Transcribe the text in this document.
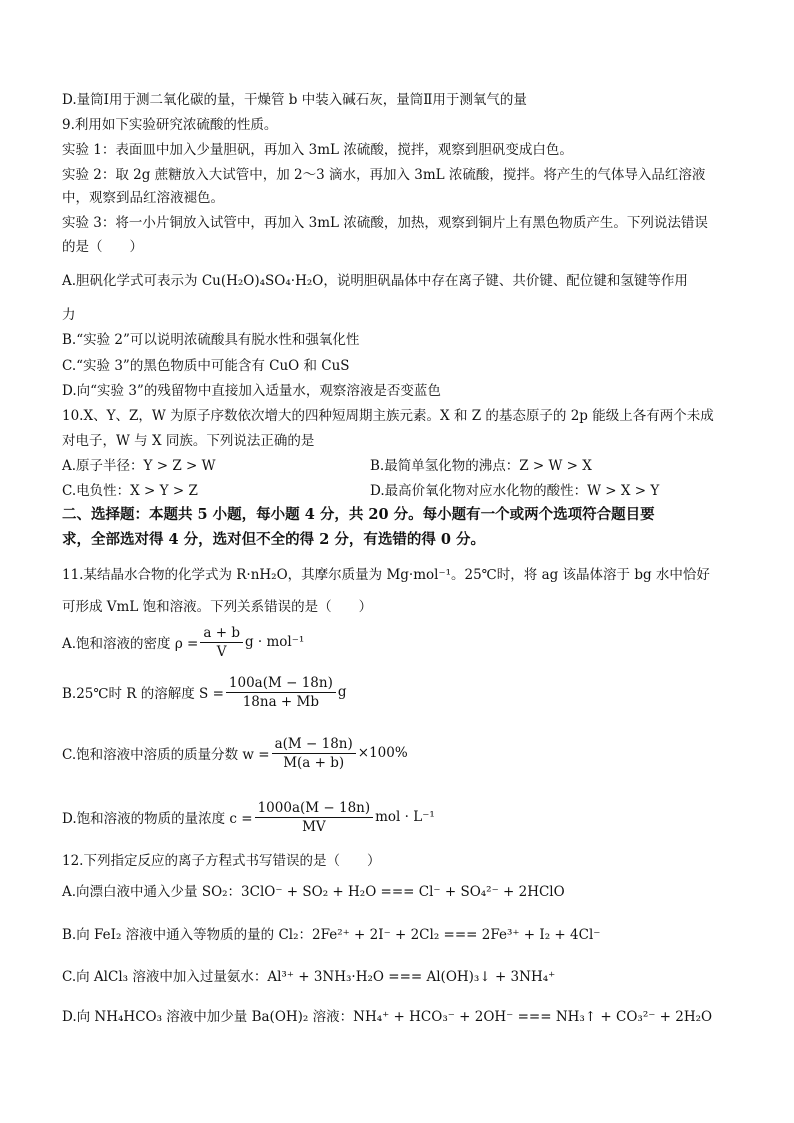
D.量筒Ⅰ用于测二氧化碳的量，干燥管 b 中装入碱石灰，量筒Ⅱ用于测氧气的量
9.利用如下实验研究浓硫酸的性质。
实验 1：表面皿中加入少量胆矾，再加入 3mL 浓硫酸，搅拌，观察到胆矾变成白色。
实验 2：取 2g 蔗糖放入大试管中，加 2～3 滴水，再加入 3mL 浓硫酸，搅拌。将产生的气体导入品红溶液
中，观察到品红溶液褪色。
实验 3：将一小片铜放入试管中，再加入 3mL 浓硫酸，加热，观察到铜片上有黑色物质产生。下列说法错误
的是（　　）
A.胆矾化学式可表示为 Cu(H₂O)₄SO₄·H₂O，说明胆矾晶体中存在离子键、共价键、配位键和氢键等作用
力
B.“实验 2”可以说明浓硫酸具有脱水性和强氧化性
C.“实验 3”的黑色物质中可能含有 CuO 和 CuS
D.向“实验 3”的残留物中直接加入适量水，观察溶液是否变蓝色
10.X、Y、Z，W 为原子序数依次增大的四种短周期主族元素。X 和 Z 的基态原子的 2p 能级上各有两个未成
对电子，W 与 X 同族。下列说法正确的是
A.原子半径：Y > Z > W	B.最简单氢化物的沸点：Z > W > X
C.电负性：X > Y > Z	D.最高价氧化物对应水化物的酸性：W > X > Y
二、选择题：本题共 5 小题，每小题 4 分，共 20 分。每小题有一个或两个选项符合题目要
求，全部选对得 4 分，选对但不全的得 2 分，有选错的得 0 分。
11.某结晶水合物的化学式为 R·nH₂O，其摩尔质量为 Mg·mol⁻¹。25℃时，将 ag 该晶体溶于 bg 水中恰好
可形成 VmL 饱和溶液。下列关系错误的是（　　）
A.饱和溶液的密度 $\rho = \frac{a + b}{V}$ g · mol⁻¹
B.25℃时 R 的溶解度 $S = \frac{100a(M - 18n)}{18na + Mb}$ g
C.饱和溶液中溶质的质量分数 $w = \frac{a(M - 18n)}{M(a + b)} \times 100\%$
D.饱和溶液的物质的量浓度 $c = \frac{1000a(M - 18n)}{MV}$ mol · L⁻¹
12.下列指定反应的离子方程式书写错误的是（　　）
A.向漂白液中通入少量 SO₂：3ClO⁻ + SO₂ + H₂O === Cl⁻ + SO₄²⁻ + 2HClO
B.向 FeI₂ 溶液中通入等物质的量的 Cl₂：2Fe²⁺ + 2I⁻ + 2Cl₂ === 2Fe³⁺ + I₂ + 4Cl⁻
C.向 AlCl₃ 溶液中加入过量氨水：Al³⁺ + 3NH₃·H₂O === Al(OH)₃↓ + 3NH₄⁺
D.向 NH₄HCO₃ 溶液中加少量 Ba(OH)₂ 溶液：NH₄⁺ + HCO₃⁻ + 2OH⁻ === NH₃↑ + CO₃²⁻ + 2H₂O
